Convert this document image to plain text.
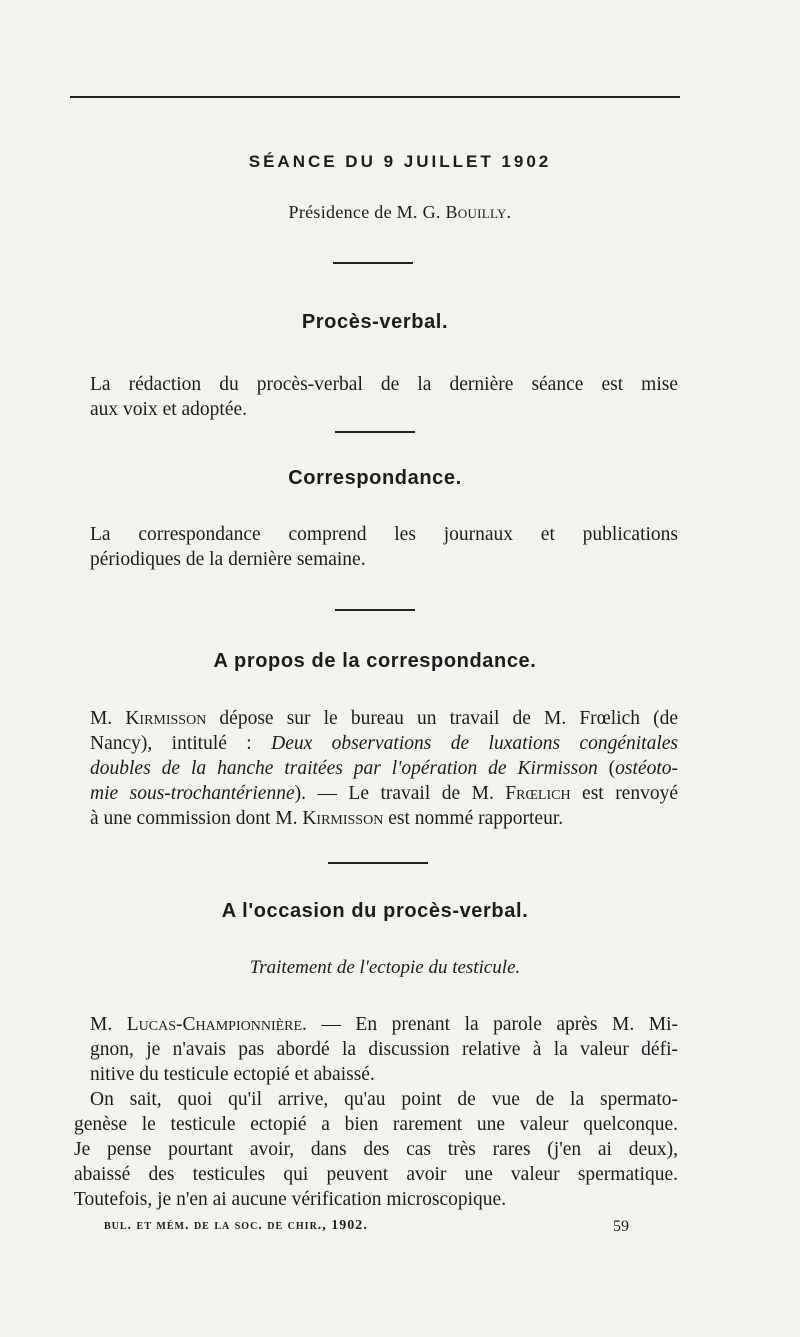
SÉANCE DU 9 JUILLET 1902
Présidence de M. G. Bouilly.
Procès-verbal.
La rédaction du procès-verbal de la dernière séance est mise
aux voix et adoptée.
Correspondance.
La correspondance comprend les journaux et publications
périodiques de la dernière semaine.
A propos de la correspondance.
M. Kirmisson dépose sur le bureau un travail de M. Frœlich (de
Nancy), intitulé : Deux observations de luxations congénitales
doubles de la hanche traitées par l'opération de Kirmisson (ostéoto-
mie sous-trochantérienne). — Le travail de M. Frœlich est renvoyé
à une commission dont M. Kirmisson est nommé rapporteur.
A l'occasion du procès-verbal.
Traitement de l'ectopie du testicule.
M. Lucas-Championnière. — En prenant la parole après M. Mi-
gnon, je n'avais pas abordé la discussion relative à la valeur défi-
nitive du testicule ectopié et abaissé.
On sait, quoi qu'il arrive, qu'au point de vue de la spermato-
genèse le testicule ectopié a bien rarement une valeur quelconque.
Je pense pourtant avoir, dans des cas très rares (j'en ai deux),
abaissé des testicules qui peuvent avoir une valeur spermatique.
Toutefois, je n'en ai aucune vérification microscopique.
bul. et mém. de la soc. de chir., 1902.	59
